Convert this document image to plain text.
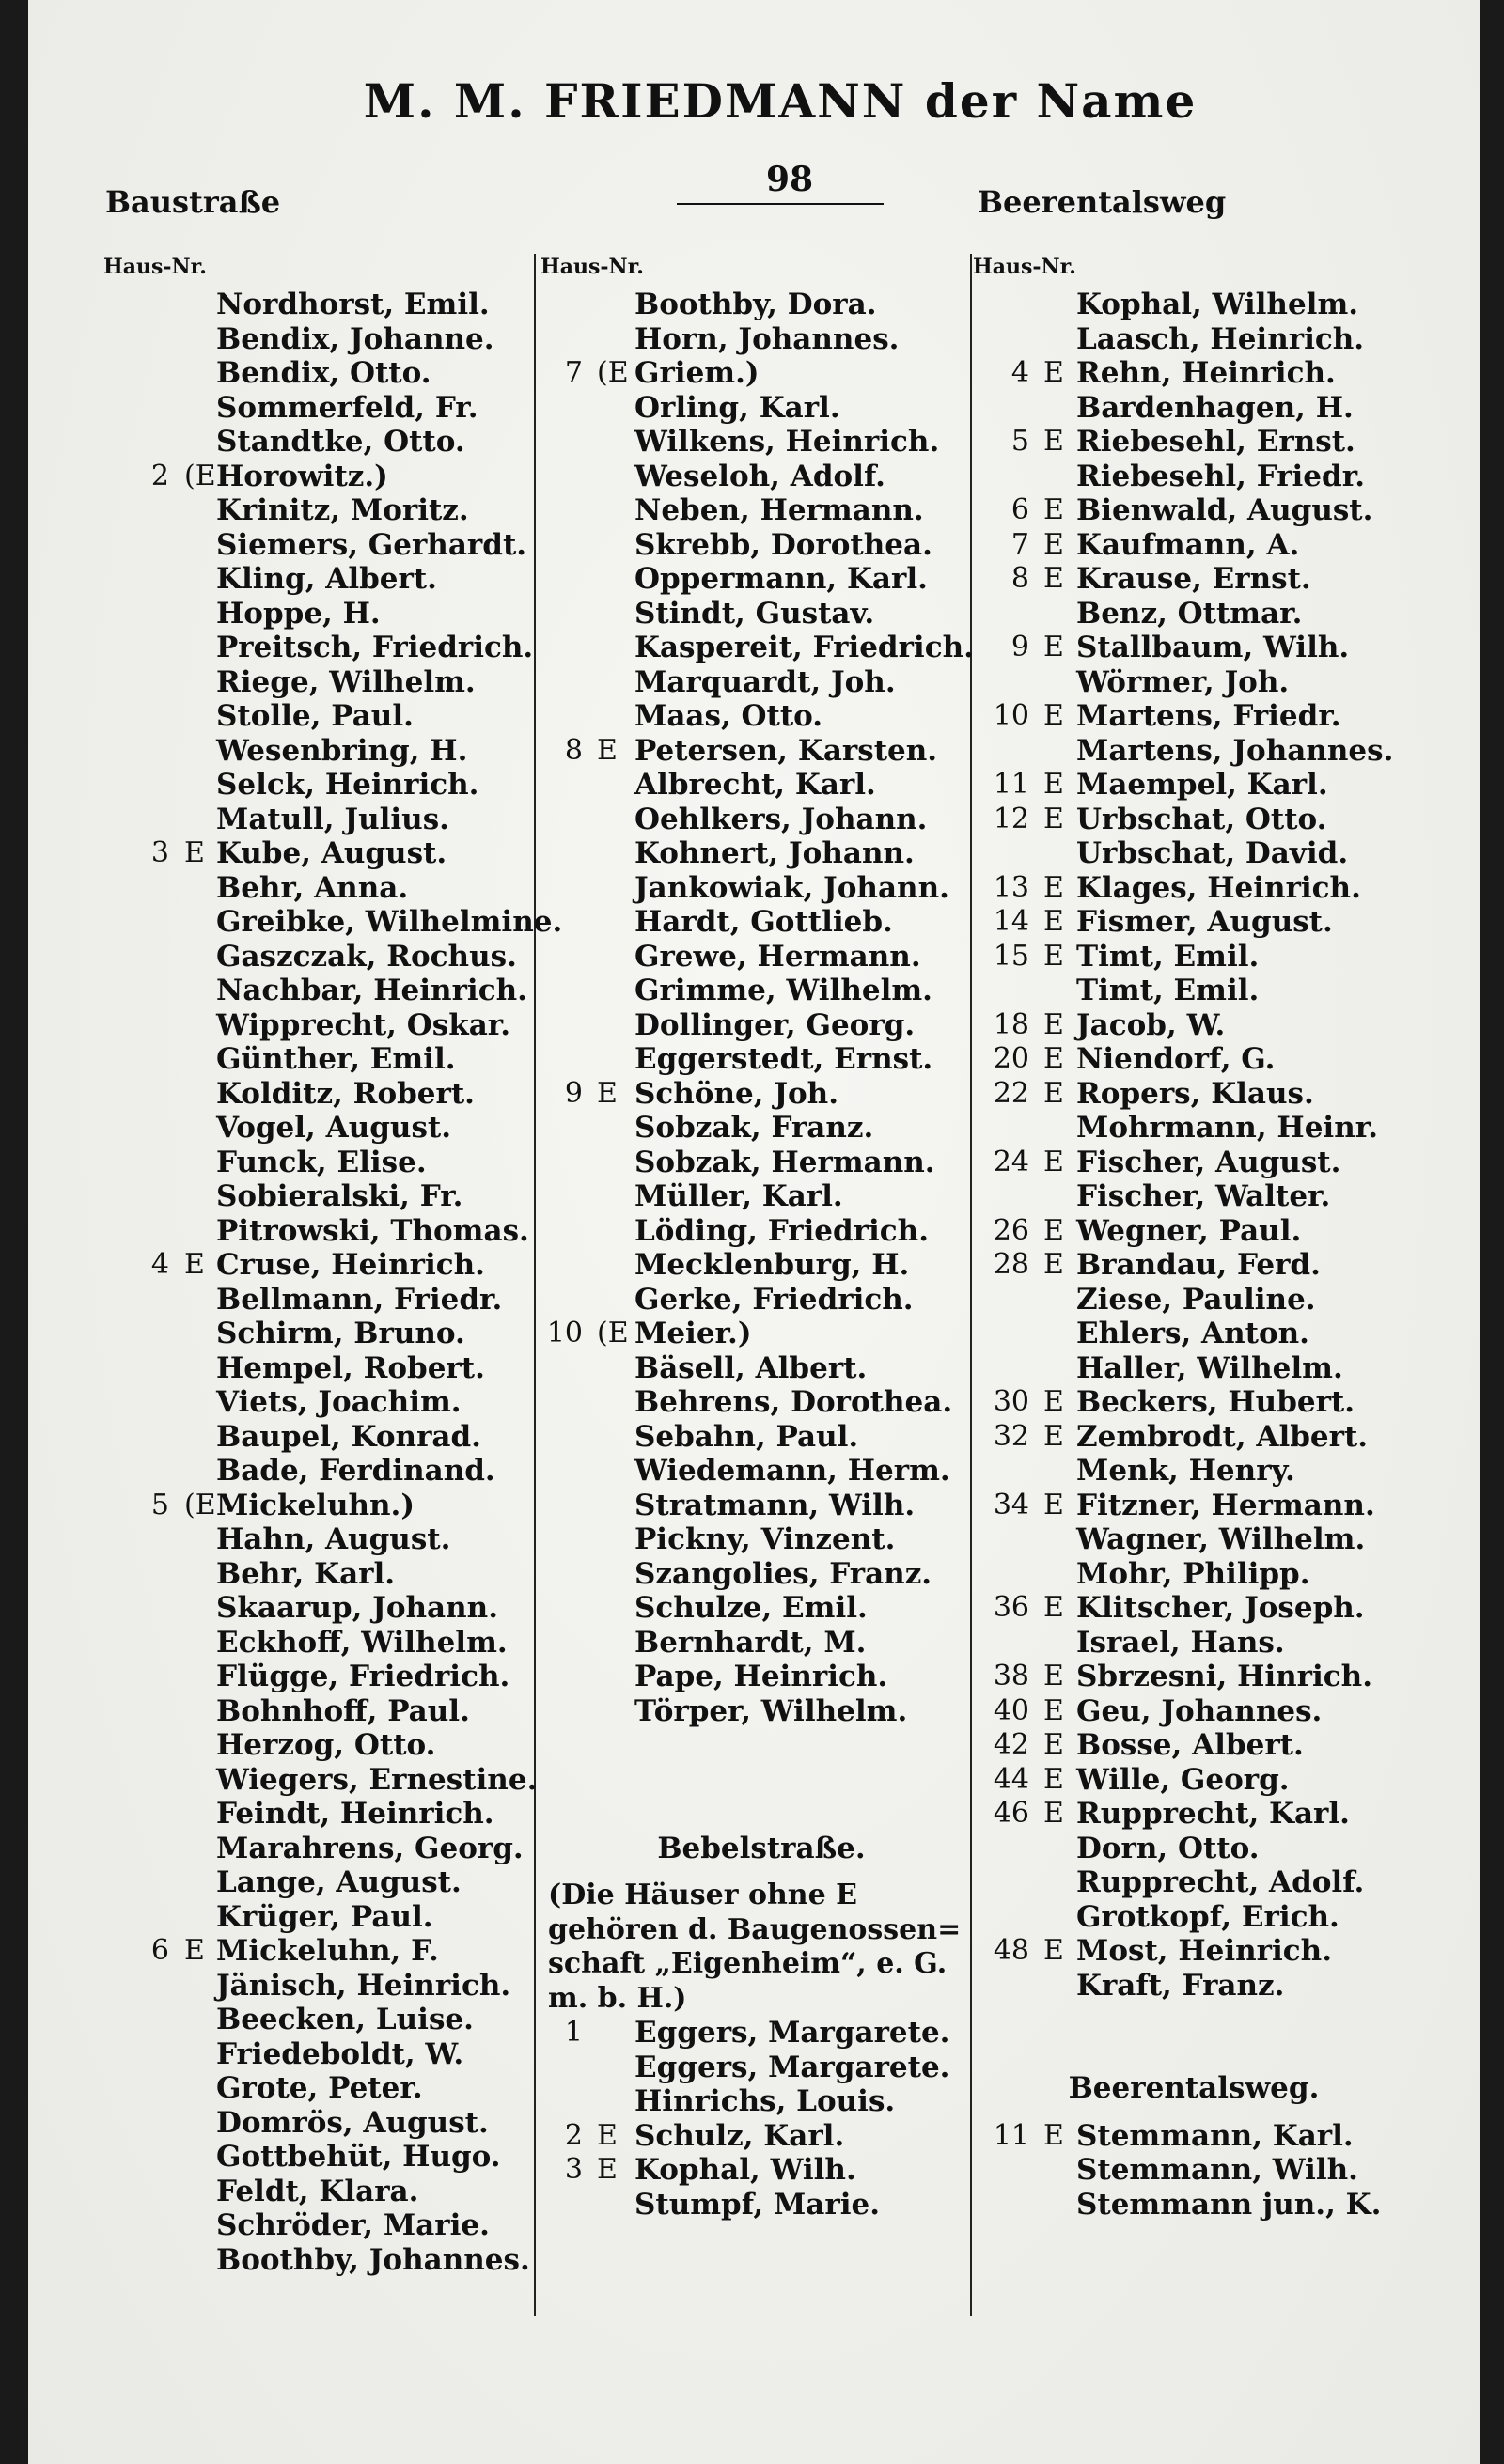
M. M. FRIEDMANN der Name
Baustraße
98
Beerentalsweg
Haus-Nr.
Nordhorst, Emil.
Bendix, Johanne.
Bendix, Otto.
Sommerfeld, Fr.
Standtke, Otto.
2 (E Horowitz.)
Krinitz, Moritz.
Siemers, Gerhardt.
Kling, Albert.
Hoppe, H.
Preitsch, Friedrich.
Riege, Wilhelm.
Stolle, Paul.
Wesenbring, H.
Selck, Heinrich.
Matull, Julius.
3 E Kube, August.
Behr, Anna.
Greibke, Wilhelmine.
Gaszczak, Rochus.
Nachbar, Heinrich.
Wipprecht, Oskar.
Günther, Emil.
Kolditz, Robert.
Vogel, August.
Funck, Elise.
Sobieralski, Fr.
Pitrowski, Thomas.
4 E Cruse, Heinrich.
Bellmann, Friedr.
Schirm, Bruno.
Hempel, Robert.
Viets, Joachim.
Baupel, Konrad.
Bade, Ferdinand.
5 (E Mickeluhn.)
Hahn, August.
Behr, Karl.
Skaarup, Johann.
Eckhoff, Wilhelm.
Flügge, Friedrich.
Bohnhoff, Paul.
Herzog, Otto.
Wiegers, Ernestine.
Feindt, Heinrich.
Marahrens, Georg.
Lange, August.
Krüger, Paul.
6 E Mickeluhn, F.
Jänisch, Heinrich.
Beecken, Luise.
Friedeboldt, W.
Grote, Peter.
Domrös, August.
Gottbehüt, Hugo.
Feldt, Klara.
Schröder, Marie.
Boothby, Johannes.
Haus-Nr.
Boothby, Dora.
Horn, Johannes.
7 (E Griem.)
Orling, Karl.
Wilkens, Heinrich.
Weseloh, Adolf.
Neben, Hermann.
Skrebb, Dorothea.
Oppermann, Karl.
Stindt, Gustav.
Kaspereit, Friedrich.
Marquardt, Joh.
Maas, Otto.
8 E Petersen, Karsten.
Albrecht, Karl.
Oehlkers, Johann.
Kohnert, Johann.
Jankowiak, Johann.
Hardt, Gottlieb.
Grewe, Hermann.
Grimme, Wilhelm.
Dollinger, Georg.
Eggerstedt, Ernst.
9 E Schöne, Joh.
Sobzak, Franz.
Sobzak, Hermann.
Müller, Karl.
Löding, Friedrich.
Mecklenburg, H.
Gerke, Friedrich.
10 (E Meier.)
Bäsell, Albert.
Behrens, Dorothea.
Sebahn, Paul.
Wiedemann, Herm.
Stratmann, Wilh.
Pickny, Vinzent.
Szangolies, Franz.
Schulze, Emil.
Bernhardt, M.
Pape, Heinrich.
Törper, Wilhelm.
Bebelstraße.
(Die Häuser ohne E
gehören d. Baugenossen=
schaft „Eigenheim“, e. G.
m. b. H.)
1 Eggers, Margarete.
Eggers, Margarete.
Hinrichs, Louis.
2 E Schulz, Karl.
3 E Kophal, Wilh.
Stumpf, Marie.
Haus-Nr.
Kophal, Wilhelm.
Laasch, Heinrich.
4 E Rehn, Heinrich.
Bardenhagen, H.
5 E Riebesehl, Ernst.
Riebesehl, Friedr.
6 E Bienwald, August.
7 E Kaufmann, A.
8 E Krause, Ernst.
Benz, Ottmar.
9 E Stallbaum, Wilh.
Wörmer, Joh.
10 E Martens, Friedr.
Martens, Johannes.
11 E Maempel, Karl.
12 E Urbschat, Otto.
Urbschat, David.
13 E Klages, Heinrich.
14 E Fismer, August.
15 E Timt, Emil.
Timt, Emil.
18 E Jacob, W.
20 E Niendorf, G.
22 E Ropers, Klaus.
Mohrmann, Heinr.
24 E Fischer, August.
Fischer, Walter.
26 E Wegner, Paul.
28 E Brandau, Ferd.
Ziese, Pauline.
Ehlers, Anton.
Haller, Wilhelm.
30 E Beckers, Hubert.
32 E Zembrodt, Albert.
Menk, Henry.
34 E Fitzner, Hermann.
Wagner, Wilhelm.
Mohr, Philipp.
36 E Klitscher, Joseph.
Israel, Hans.
38 E Sbrzesni, Hinrich.
40 E Geu, Johannes.
42 E Bosse, Albert.
44 E Wille, Georg.
46 E Rupprecht, Karl.
Dorn, Otto.
Rupprecht, Adolf.
Grotkopf, Erich.
48 E Most, Heinrich.
Kraft, Franz.
Beerentalsweg.
11 E Stemmann, Karl.
Stemmann, Wilh.
Stemmann jun., K.
